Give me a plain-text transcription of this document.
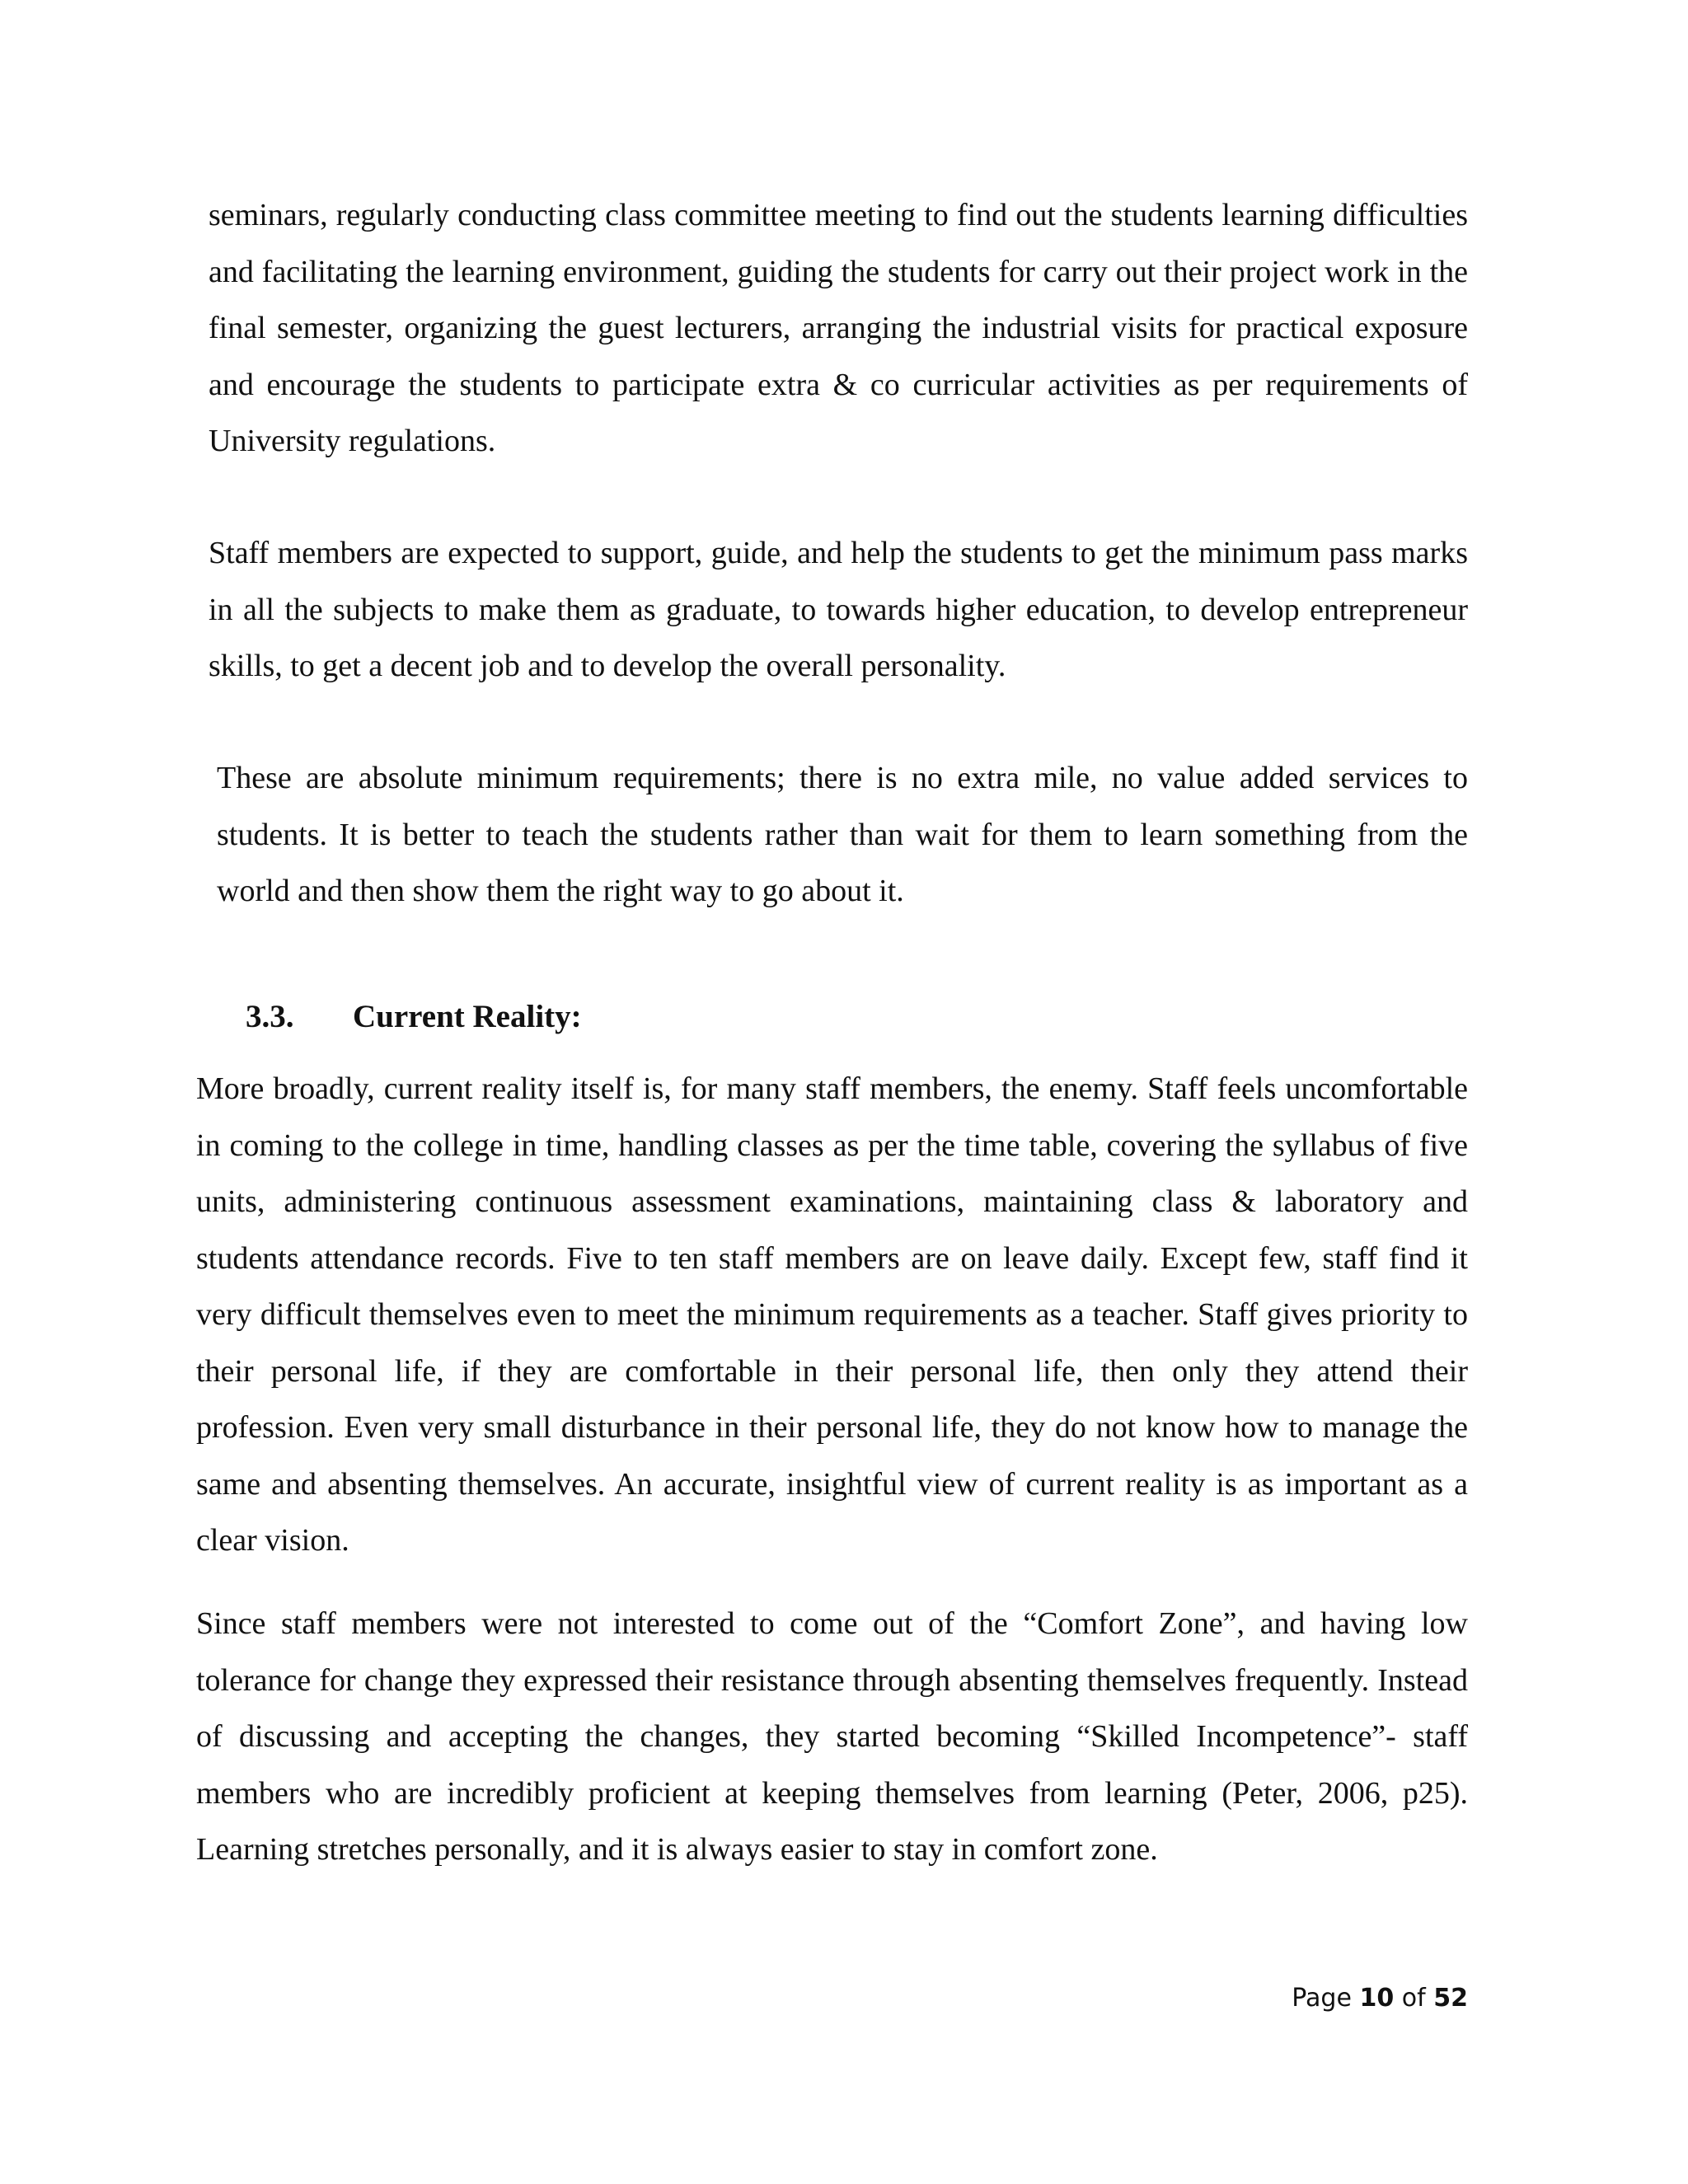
seminars, regularly conducting class committee meeting to find out the students learning difficulties and facilitating the learning environment, guiding the students for carry out their project work in the final semester, organizing the guest lecturers, arranging the industrial visits for practical exposure and encourage the students to participate extra & co curricular activities as per requirements of University regulations.

Staff members are expected to support, guide, and help the students to get the minimum pass marks in all the subjects to make them as graduate, to towards higher education, to develop entrepreneur skills, to get a decent job and to develop the overall personality.

These are absolute minimum requirements; there is no extra mile, no value added services to students. It is better to teach the students rather than wait for them to learn something from the world and then show them the right way to go about it.

3.3. Current Reality:

More broadly, current reality itself is, for many staff members, the enemy. Staff feels uncomfortable in coming to the college in time, handling classes as per the time table, covering the syllabus of five units, administering continuous assessment examinations, maintaining class & laboratory and students attendance records. Five to ten staff members are on leave daily. Except few, staff find it very difficult themselves even to meet the minimum requirements as a teacher. Staff gives priority to their personal life, if they are comfortable in their personal life, then only they attend their profession. Even very small disturbance in their personal life, they do not know how to manage the same and absenting themselves. An accurate, insightful view of current reality is as important as a clear vision.

Since staff members were not interested to come out of the “Comfort Zone”, and having low tolerance for change they expressed their resistance through absenting themselves frequently. Instead of discussing and accepting the changes, they started becoming “Skilled Incompetence”- staff members who are incredibly proficient at keeping themselves from learning (Peter, 2006, p25). Learning stretches personally, and it is always easier to stay in comfort zone.

Page 10 of 52
